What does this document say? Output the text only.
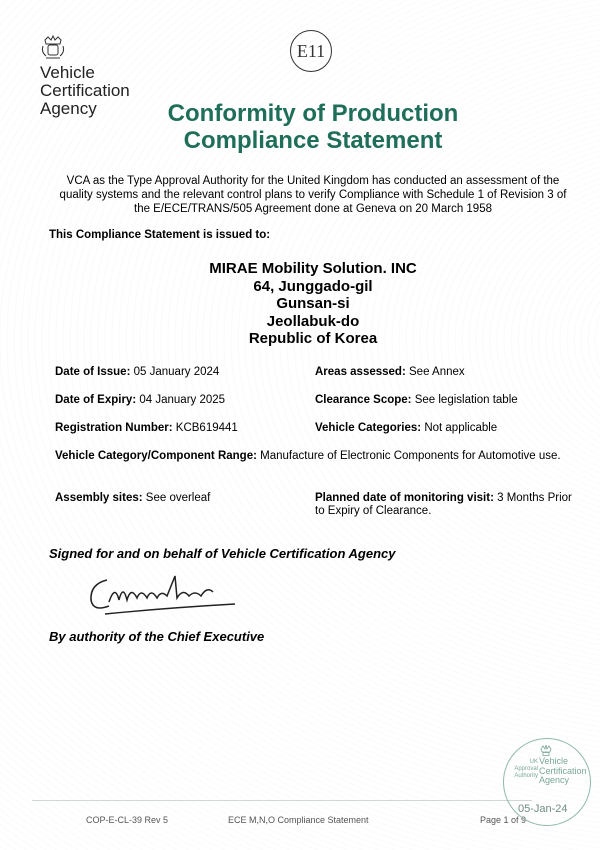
Vehicle
Certification
Agency
E11
Conformity of Production
Compliance Statement
VCA as the Type Approval Authority for the United Kingdom has conducted an assessment of the quality systems and the relevant control plans to verify Compliance with Schedule 1 of Revision 3 of the E/ECE/TRANS/505 Agreement done at Geneva on 20 March 1958
This Compliance Statement is issued to:
MIRAE Mobility Solution. INC
64, Junggado-gil
Gunsan-si
Jeollabuk-do
Republic of Korea
Date of Issue: 05 January 2024	Areas assessed: See Annex
Date of Expiry: 04 January 2025	Clearance Scope: See legislation table
Registration Number: KCB619441	Vehicle Categories: Not applicable
Vehicle Category/Component Range: Manufacture of Electronic Components for Automotive use.
Assembly sites: See overleaf	Planned date of monitoring visit: 3 Months Prior to Expiry of Clearance.
Signed for and on behalf of Vehicle Certification Agency
By authority of the Chief Executive
COP-E-CL-39 Rev 5	ECE M,N,O Compliance Statement	Page 1 of 9
UK Approval Authority
Vehicle Certification Agency
05-Jan-24
